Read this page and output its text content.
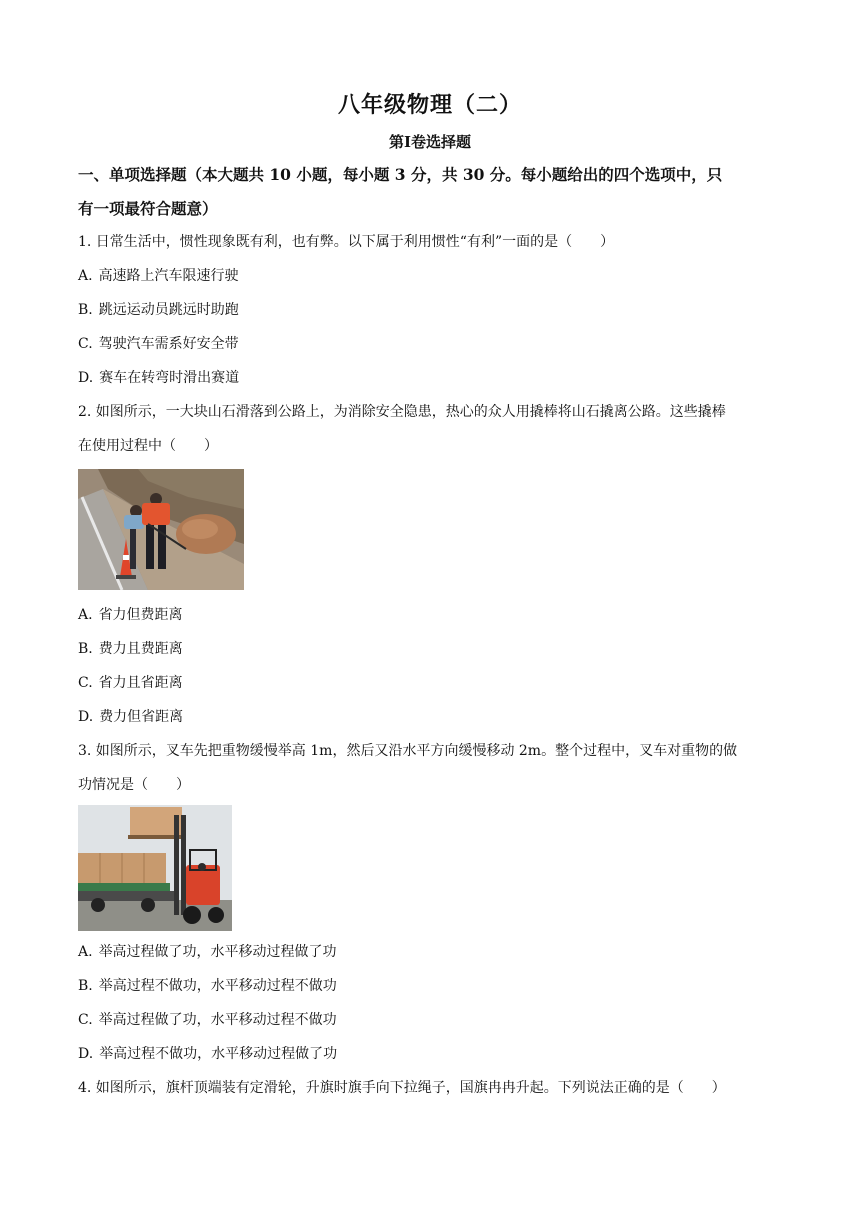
八年级物理（二）
第Ⅰ卷选择题
一、单项选择题（本大题共 10 小题，每小题 3 分，共 30 分。每小题给出的四个选项中，只
有一项最符合题意）
1. 日常生活中，惯性现象既有利，也有弊。以下属于利用惯性“有利”一面的是（　　）
A. 高速路上汽车限速行驶
B. 跳远运动员跳远时助跑
C. 驾驶汽车需系好安全带
D. 赛车在转弯时滑出赛道
2. 如图所示，一大块山石滑落到公路上，为消除安全隐患，热心的众人用撬棒将山石撬离公路。这些撬棒
在使用过程中（　　）
A. 省力但费距离
B. 费力且费距离
C. 省力且省距离
D. 费力但省距离
3. 如图所示，叉车先把重物缓慢举高 1m，然后又沿水平方向缓慢移动 2m。整个过程中，叉车对重物的做
功情况是（　　）
A. 举高过程做了功，水平移动过程做了功
B. 举高过程不做功，水平移动过程不做功
C. 举高过程做了功，水平移动过程不做功
D. 举高过程不做功，水平移动过程做了功
4. 如图所示，旗杆顶端装有定滑轮，升旗时旗手向下拉绳子，国旗冉冉升起。下列说法正确的是（　　）
